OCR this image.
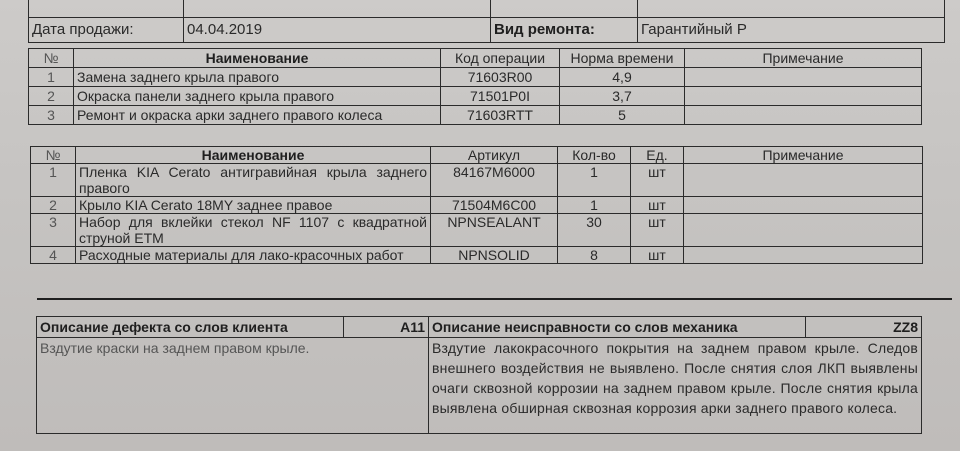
Дата продажи:	04.04.2019	Вид ремонта:	Гарантийный Р
№	Наименование	Код операции	Норма времени	Примечание
1	Замена заднего крыла правого	71603R00	4,9	
2	Окраска панели заднего крыла правого	71501P0I	3,7	
3	Ремонт и окраска арки заднего правого колеса	71603RTT	5	
№	Наименование	Артикул	Кол-во	Ед.	Примечание
1	Пленка KIA Cerato антигравийная крыла заднего правого	84167M6000	1	шт	
2	Крыло KIA Cerato 18MY заднее правое	71504M6C00	1	шт	
3	Набор для вклейки стекол NF 1107 с квадратной струной ETM	NPNSEALANT	30	шт	
4	Расходные материалы для лако-красочных работ	NPNSOLID	8	шт	
Описание дефекта со слов клиента	A11	Описание неисправности со слов механика	ZZ8
Вздутие краски на заднем правом крыле.		Вздутие лакокрасочного покрытия на заднем правом крыле. Следов внешнего воздействия не выявлено. После снятия слоя ЛКП выявлены очаги сквозной коррозии на заднем правом крыле. После снятия крыла выявлена обширная сквозная коррозия арки заднего правого колеса.	
